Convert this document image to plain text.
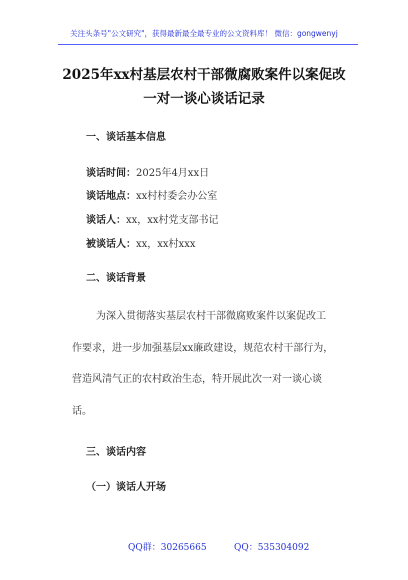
关注头条号"公文研究"，获得最新最全最专业的公文资料库！ 微信：gongwenyj
2025年xx村基层农村干部微腐败案件以案促改
一对一谈心谈话记录
一、谈话基本信息
谈话时间：2025年4月xx日
谈话地点：xx村村委会办公室
谈话人：xx，xx村党支部书记
被谈话人：xx，xx村xxx
二、谈话背景
为深入贯彻落实基层农村干部微腐败案件以案促改工
作要求，进一步加强基层xx廉政建设，规范农村干部行为，
营造风清气正的农村政治生态，特开展此次一对一谈心谈
话。
三、谈话内容
（一）谈话人开场
QQ群：30265665	QQ：535304092
